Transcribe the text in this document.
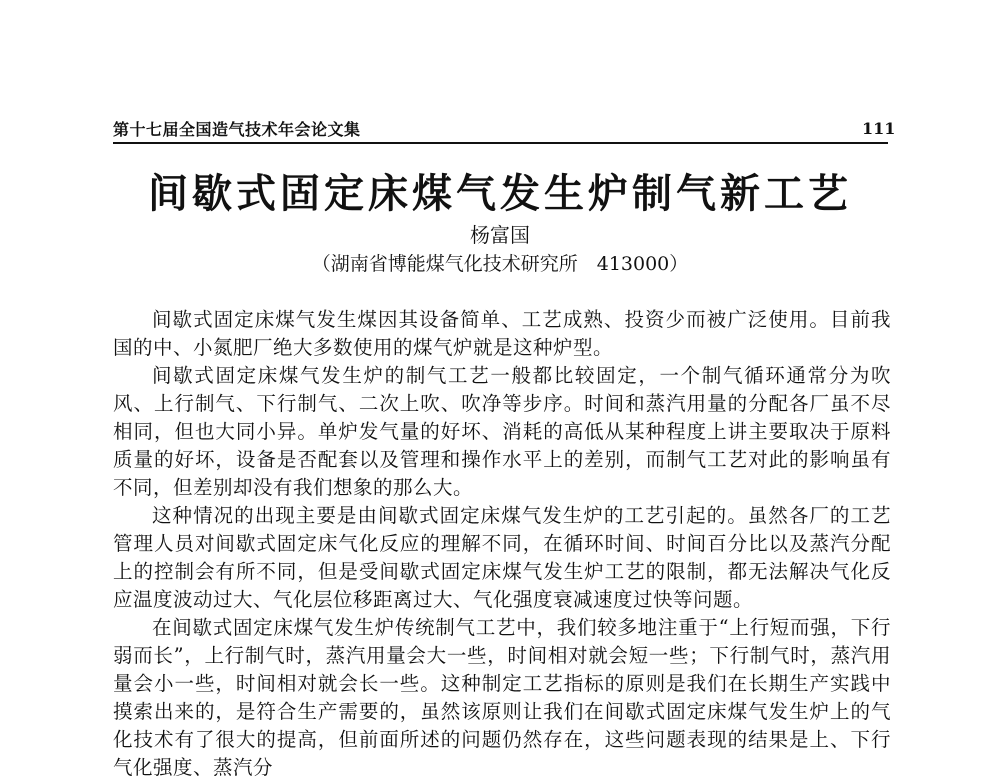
第十七届全国造气技术年会论文集	111
间歇式固定床煤气发生炉制气新工艺
杨富国
（湖南省博能煤气化技术研究所　413000）

间歇式固定床煤气发生煤因其设备简单、工艺成熟、投资少而被广泛使用。目前我国的中、小氮肥厂绝大多数使用的煤气炉就是这种炉型。

间歇式固定床煤气发生炉的制气工艺一般都比较固定，一个制气循环通常分为吹风、上行制气、下行制气、二次上吹、吹净等步序。时间和蒸汽用量的分配各厂虽不尽相同，但也大同小异。单炉发气量的好坏、消耗的高低从某种程度上讲主要取决于原料质量的好坏，设备是否配套以及管理和操作水平上的差别，而制气工艺对此的影响虽有不同，但差别却没有我们想象的那么大。

这种情况的出现主要是由间歇式固定床煤气发生炉的工艺引起的。虽然各厂的工艺管理人员对间歇式固定床气化反应的理解不同，在循环时间、时间百分比以及蒸汽分配上的控制会有所不同，但是受间歇式固定床煤气发生炉工艺的限制，都无法解决气化反应温度波动过大、气化层位移距离过大、气化强度衰减速度过快等问题。

在间歇式固定床煤气发生炉传统制气工艺中，我们较多地注重于“上行短而强，下行弱而长”，上行制气时，蒸汽用量会大一些，时间相对就会短一些；下行制气时，蒸汽用量会小一些，时间相对就会长一些。这种制定工艺指标的原则是我们在长期生产实践中摸索出来的，是符合生产需要的，虽然该原则让我们在间歇式固定床煤气发生炉上的气化技术有了很大的提高，但前面所述的问题仍然存在，这些问题表现的结果是上、下行气化强度、蒸汽分
